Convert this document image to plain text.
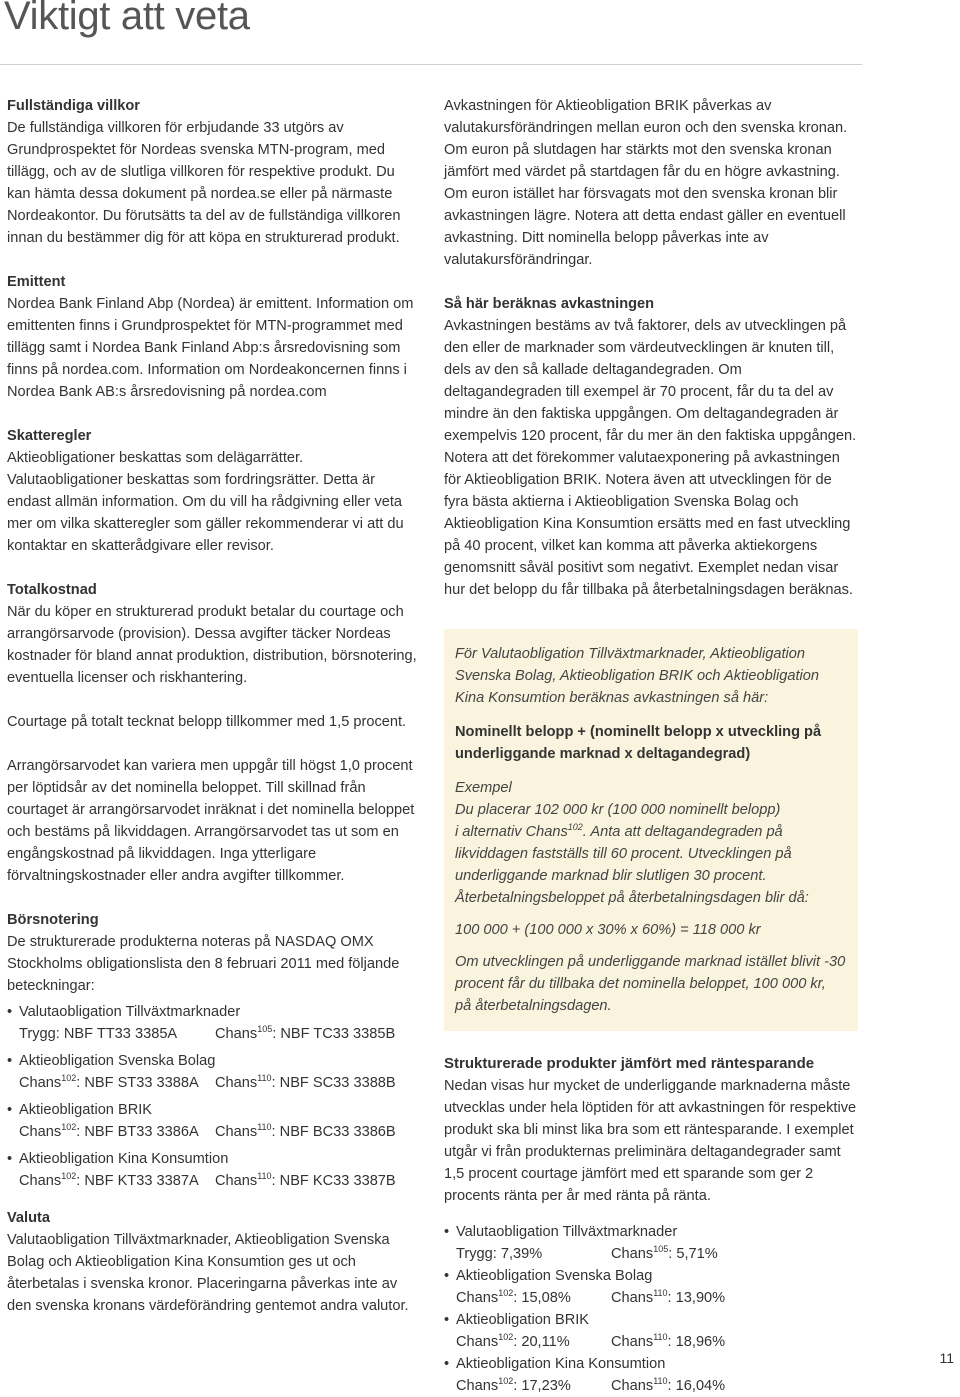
Viktigt att veta
Fullständiga villkor

De fullständiga villkoren för erbjudande 33 utgörs av Grundprospektet för Nordeas svenska MTN-program, med tillägg, och av de slutliga villkoren för respektive produkt. Du kan hämta dessa dokument på nordea.se eller på närmaste Nordeakontor. Du förutsätts ta del av de fullständiga villkoren innan du bestämmer dig för att köpa en strukturerad produkt.

Emittent

Nordea Bank Finland Abp (Nordea) är emittent. Information om emittenten finns i Grundprospektet för MTN-programmet med tillägg samt i Nordea Bank Finland Abp:s årsredovisning som finns på nordea.com. Information om Nordeakoncernen finns i Nordea Bank AB:s årsredovisning på nordea.com

Skatteregler

Aktieobligationer beskattas som delägarrätter. Valutaobligationer beskattas som fordringsrätter. Detta är endast allmän information. Om du vill ha rådgivning eller veta mer om vilka skatteregler som gäller rekommenderar vi att du kontaktar en skatterådgivare eller revisor.

Totalkostnad

När du köper en strukturerad produkt betalar du courtage och arrangörsarvode (provision). Dessa avgifter täcker Nordeas kostnader för bland annat produktion, distribution, börsnotering, eventuella licenser och riskhantering.

Courtage på totalt tecknat belopp tillkommer med 1,5 procent.

Arrangörsarvodet kan variera men uppgår till högst 1,0 procent per löptidsår av det nominella beloppet. Till skillnad från courtaget är arrangörsarvodet inräknat i det nominella beloppet och bestäms på likviddagen. Arrangörsarvodet tas ut som en engångskostnad på likviddagen. Inga ytterligare förvaltningskostnader eller andra avgifter tillkommer.

Börsnotering

De strukturerade produkterna noteras på NASDAQ OMX Stockholms obligationslista den 8 februari 2011 med följande beteckningar:

• Valutaobligation Tillväxtmarknader
Trygg: NBF TT33 3385A	Chans$^{105}$: NBF TC33 3385B
• Aktieobligation Svenska Bolag
Chans$^{102}$: NBF ST33 3388A Chans$^{110}$: NBF SC33 3388B
• Aktieobligation BRIK
Chans$^{102}$: NBF BT33 3386A Chans$^{110}$: NBF BC33 3386B
• Aktieobligation Kina Konsumtion
Chans$^{102}$: NBF KT33 3387A Chans$^{110}$: NBF KC33 3387B
Valuta

Valutaobligation Tillväxtmarknader, Aktieobligation Svenska Bolag och Aktieobligation Kina Konsumtion ges ut och återbetalas i svenska kronor. Placeringarna påverkas inte av den svenska kronans värdeförändring gentemot andra valutor.

Avkastningen för Aktieobligation BRIK påverkas av valutakursförändringen mellan euron och den svenska kronan. Om euron på slutdagen har stärkts mot den svenska kronan jämfört med värdet på startdagen får du en högre avkastning. Om euron istället har försvagats mot den svenska kronan blir avkastningen lägre. Notera att detta endast gäller en eventuell avkastning. Ditt nominella belopp påverkas inte av valutakursförändringar.

Så här beräknas avkastningen

Avkastningen bestäms av två faktorer, dels av utvecklingen på den eller de marknader som värdeutvecklingen är knuten till, dels av den så kallade deltagandegraden. Om deltagandegraden till exempel är 70 procent, får du ta del av mindre än den faktiska uppgången. Om deltagandegraden är exempelvis 120 procent, får du mer än den faktiska uppgången. Notera att det förekommer valutaexponering på avkastningen för Aktieobligation BRIK. Notera även att utvecklingen för de fyra bästa aktierna i Aktieobligation Svenska Bolag och Aktieobligation Kina Konsumtion ersätts med en fast utveckling på 40 procent, vilket kan komma att påverka aktiekorgens genomsnitt såväl positivt som negativt. Exemplet nedan visar hur det belopp du får tillbaka på återbetalningsdagen beräknas.

För Valutaobligation Tillväxtmarknader, Aktieobligation Svenska Bolag, Aktieobligation BRIK och Aktieobligation Kina Konsumtion beräknas avkastningen så här:

Nominellt belopp + (nominellt belopp x utveckling på underliggande marknad x deltagandegrad)

Exempel

Du placerar 102 000 kr (100 000 nominellt belopp)

i alternativ Chans$^{102}$. Anta att deltagandegraden på likviddagen fastställs till 60 procent. Utvecklingen på underliggande marknad blir slutligen 30 procent.

Återbetalningsbeloppet på återbetalningsdagen blir då:

100 000 + (100 000 x 30% x 60%) = 118 000 kr

Om utvecklingen på underliggande marknad istället blivit -30 procent får du tillbaka det nominella beloppet, 100 000 kr, på återbetalningsdagen.

Strukturerade produkter jämfört med räntesparande

Nedan visas hur mycket de underliggande marknaderna måste utvecklas under hela löptiden för att avkastningen för respektive produkt ska bli minst lika bra som ett räntesparande. I exemplet utgår vi från produkternas preliminära deltagandegrader samt 1,5 procent courtage jämfört med ett sparande som ger 2 procents ränta per år med ränta på ränta.

• Valutaobligation Tillväxtmarknader
Trygg: 7,39%	Chans$^{105}$: 5,71%
• Aktieobligation Svenska Bolag
Chans$^{102}$: 15,08%	Chans$^{110}$: 13,90%
• Aktieobligation BRIK
Chans$^{102}$: 20,11%	Chans$^{110}$: 18,96%
• Aktieobligation Kina Konsumtion
Chans$^{102}$: 17,23%	Chans$^{110}$: 16,04%
11
